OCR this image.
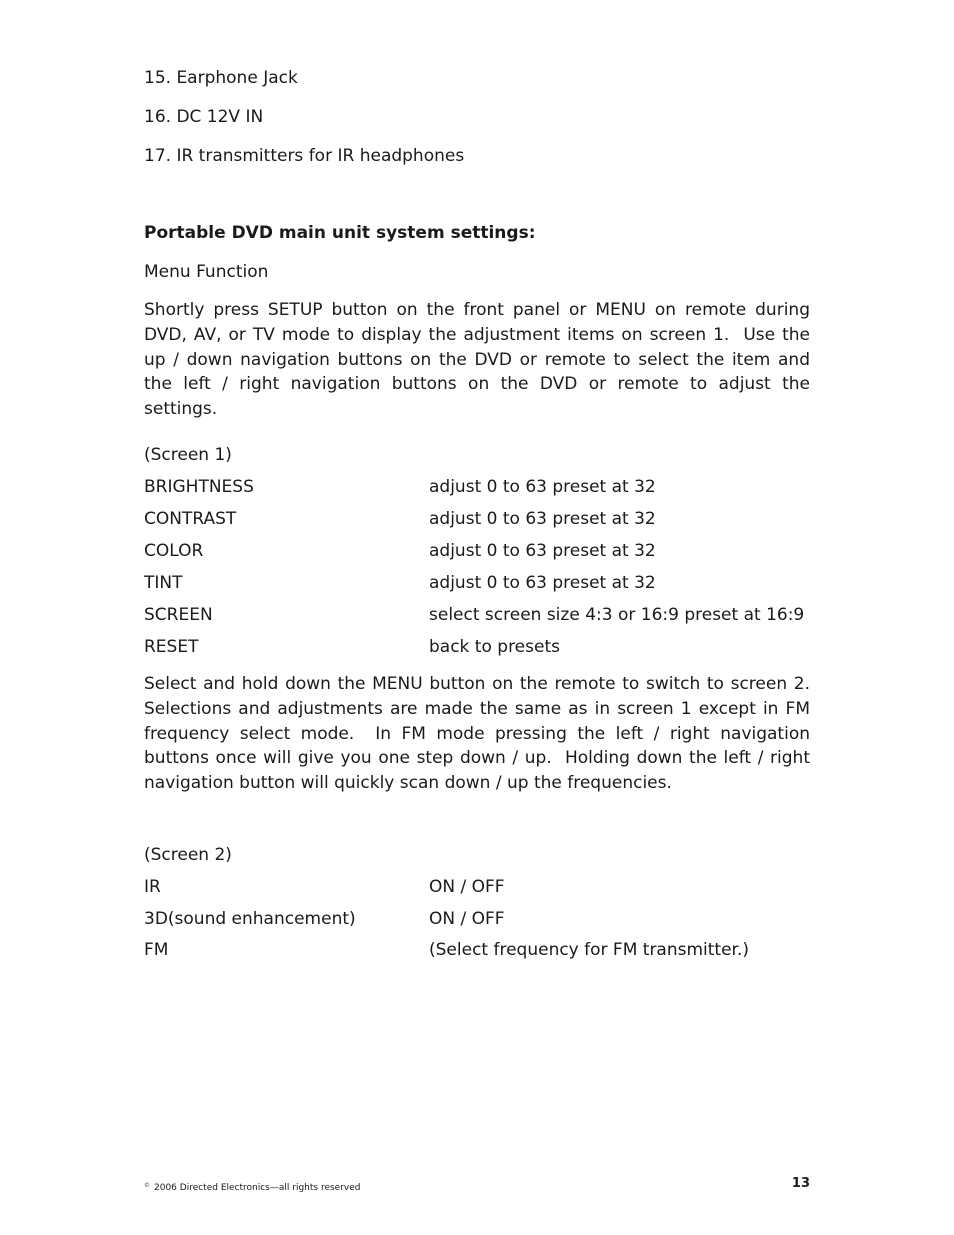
15. Earphone Jack
16. DC 12V IN
17. IR transmitters for IR headphones
Portable DVD main unit system settings:
Menu Function
Shortly press SETUP button on the front panel or MENU on remote during DVD, AV, or TV mode to display the adjustment items on screen 1.  Use the up / down navigation buttons on the DVD or remote to select the item and the left / right navigation buttons on the DVD or remote to adjust the settings.
(Screen 1)
BRIGHTNESS	adjust 0 to 63 preset at 32
CONTRAST	adjust 0 to 63 preset at 32
COLOR	adjust 0 to 63 preset at 32
TINT	adjust 0 to 63 preset at 32
SCREEN	select screen size 4:3 or 16:9 preset at 16:9
RESET	back to presets
Select and hold down the MENU button on the remote to switch to screen 2. Selections and adjustments are made the same as in screen 1 except in FM frequency select mode.  In FM mode pressing the left / right navigation buttons once will give you one step down / up.  Holding down the left / right navigation button will quickly scan down / up the frequencies.
(Screen 2)
IR	ON / OFF
3D(sound enhancement)	ON / OFF
FM	(Select frequency for FM transmitter.)
© 2006 Directed Electronics—all rights reserved	13
